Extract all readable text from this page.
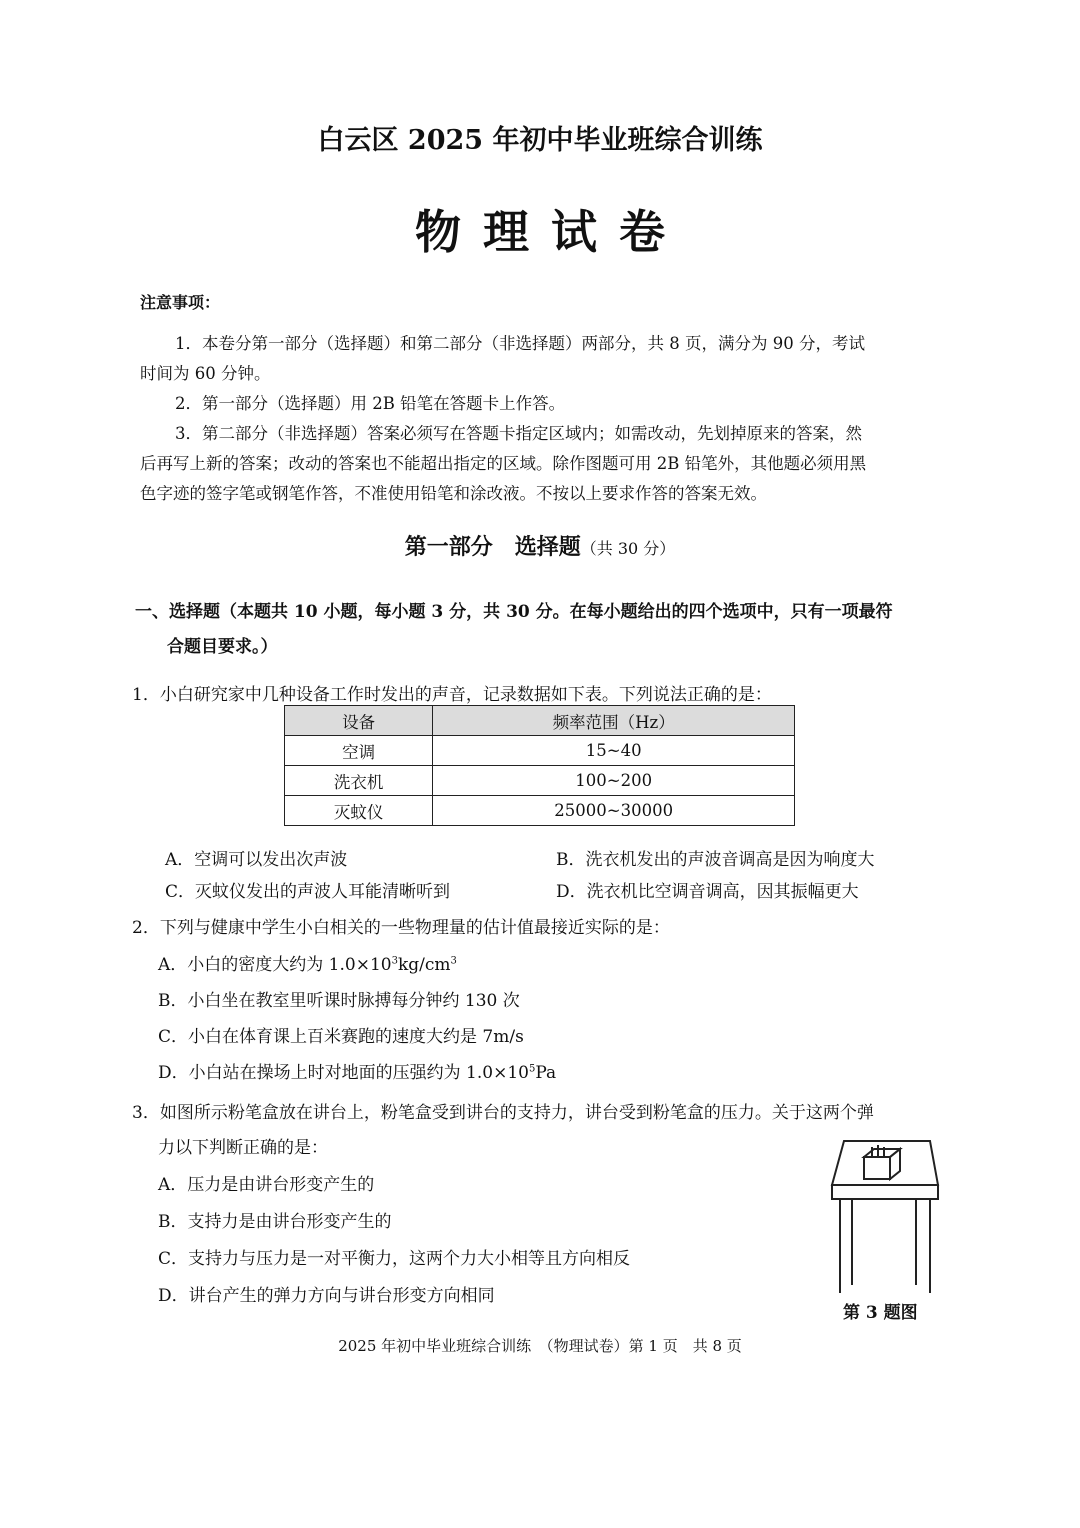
白云区 2025 年初中毕业班综合训练
物理试卷
注意事项：
1．本卷分第一部分（选择题）和第二部分（非选择题）两部分，共 8 页，满分为 90 分，考试
时间为 60 分钟。
2．第一部分（选择题）用 2B 铅笔在答题卡上作答。
3．第二部分（非选择题）答案必须写在答题卡指定区域内；如需改动，先划掉原来的答案，然
后再写上新的答案；改动的答案也不能超出指定的区域。除作图题可用 2B 铅笔外，其他题必须用黑
色字迹的签字笔或钢笔作答，不准使用铅笔和涂改液。不按以上要求作答的答案无效。
第一部分　选择题（共 30 分）
一、选择题（本题共 10 小题，每小题 3 分，共 30 分。在每小题给出的四个选项中，只有一项最符
合题目要求。）
1．小白研究家中几种设备工作时发出的声音，记录数据如下表。下列说法正确的是：
设备	频率范围（Hz）
空调	15~40
洗衣机	100~200
灭蚊仪	25000~30000
A．空调可以发出次声波	B．洗衣机发出的声波音调高是因为响度大
C．灭蚊仪发出的声波人耳能清晰听到	D．洗衣机比空调音调高，因其振幅更大
2．下列与健康中学生小白相关的一些物理量的估计值最接近实际的是：
A．小白的密度大约为 $1.0\times 10^3kg/cm^3$
B．小白坐在教室里听课时脉搏每分钟约 130 次
C．小白在体育课上百米赛跑的速度大约是 7m/s
D．小白站在操场上时对地面的压强约为 $1.0\times 10^5Pa$
3．如图所示粉笔盒放在讲台上，粉笔盒受到讲台的支持力，讲台受到粉笔盒的压力。关于这两个弹
力以下判断正确的是：
A．压力是由讲台形变产生的
B．支持力是由讲台形变产生的
C．支持力与压力是一对平衡力，这两个力大小相等且方向相反
D．讲台产生的弹力方向与讲台形变方向相同
第 3 题图
2025 年初中毕业班综合训练　（物理试卷）第 1 页　共 8 页
